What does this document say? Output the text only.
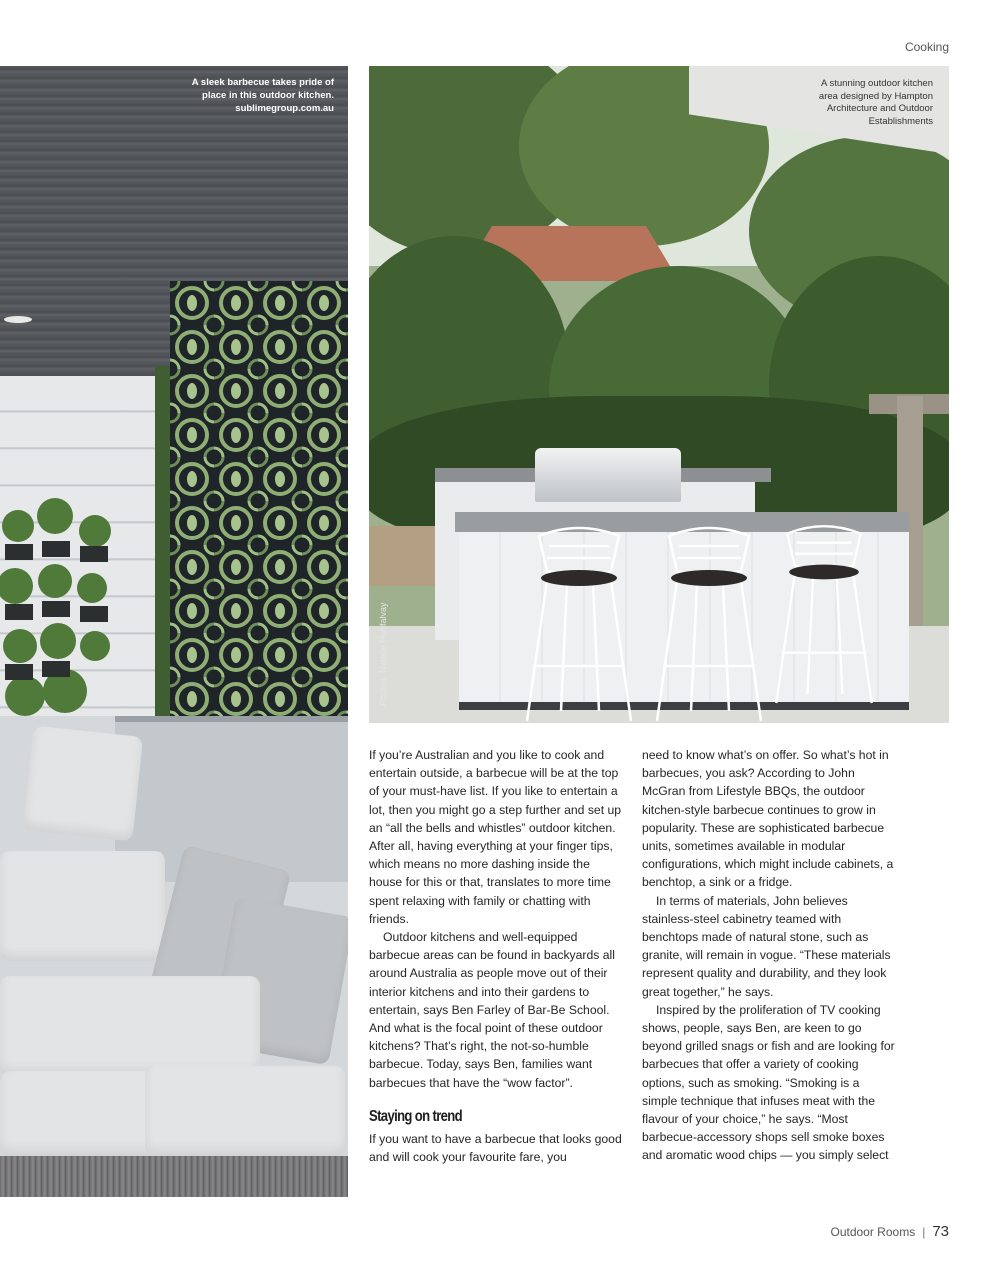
Cooking
A sleek barbecue takes pride of place in this outdoor kitchen. sublimegroup.com.au
Photos: Natalie Hunfalvay
A stunning outdoor kitchen area designed by Hampton Architecture and Outdoor Establishments

If you’re Australian and you like to cook and entertain outside, a barbecue will be at the top of your must-have list. If you like to entertain a lot, then you might go a step further and set up an “all the bells and whistles” outdoor kitchen. After all, having everything at your finger tips, which means no more dashing inside the house for this or that, translates to more time spent relaxing with family or chatting with friends.

Outdoor kitchens and well-equipped barbecue areas can be found in backyards all around Australia as people move out of their interior kitchens and into their gardens to entertain, says Ben Farley of Bar-Be School. And what is the focal point of these outdoor kitchens? That’s right, the not-so-humble barbecue. Today, says Ben, families want barbecues that have the “wow factor”.

Staying on trend

If you want to have a barbecue that looks good and will cook your favourite fare, you

need to know what’s on offer. So what’s hot in barbecues, you ask? According to John McGran from Lifestyle BBQs, the outdoor kitchen-style barbecue continues to grow in popularity. These are sophisticated barbecue units, sometimes available in modular configurations, which might include cabinets, a benchtop, a sink or a fridge.

In terms of materials, John believes stainless-steel cabinetry teamed with benchtops made of natural stone, such as granite, will remain in vogue. “These materials represent quality and durability, and they look great together,” he says.

Inspired by the proliferation of TV cooking shows, people, says Ben, are keen to go beyond grilled snags or fish and are looking for barbecues that offer a variety of cooking options, such as smoking. “Smoking is a simple technique that infuses meat with the flavour of your choice,” he says. “Most barbecue-accessory shops sell smoke boxes and aromatic wood chips — you simply select

Outdoor Rooms | 73
